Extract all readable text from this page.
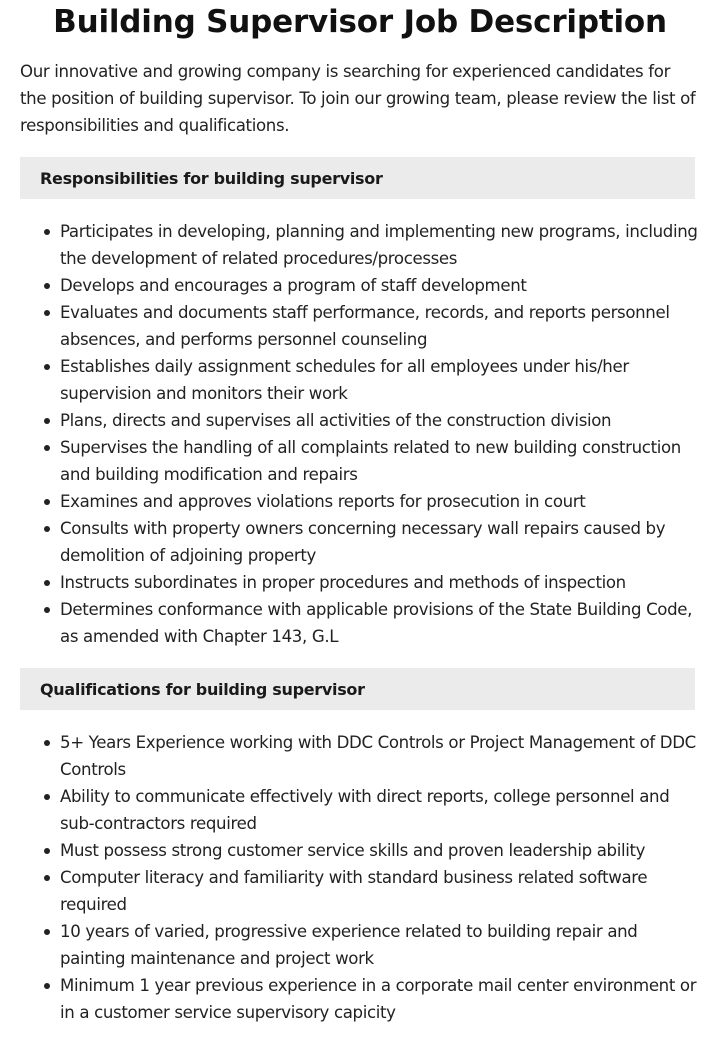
Building Supervisor Job Description

Our innovative and growing company is searching for experienced candidates for the position of building supervisor. To join our growing team, please review the list of responsibilities and qualifications.

Responsibilities for building supervisor
Participates in developing, planning and implementing new programs, including the development of related procedures/processes
Develops and encourages a program of staff development
Evaluates and documents staff performance, records, and reports personnel absences, and performs personnel counseling
Establishes daily assignment schedules for all employees under his/her supervision and monitors their work
Plans, directs and supervises all activities of the construction division
Supervises the handling of all complaints related to new building construction and building modification and repairs
Examines and approves violations reports for prosecution in court
Consults with property owners concerning necessary wall repairs caused by demolition of adjoining property
Instructs subordinates in proper procedures and methods of inspection
Determines conformance with applicable provisions of the State Building Code, as amended with Chapter 143, G.L
Qualifications for building supervisor
5+ Years Experience working with DDC Controls or Project Management of DDC Controls
Ability to communicate effectively with direct reports, college personnel and sub-contractors required
Must possess strong customer service skills and proven leadership ability
Computer literacy and familiarity with standard business related software required
10 years of varied, progressive experience related to building repair and painting maintenance and project work
Minimum 1 year previous experience in a corporate mail center environment or in a customer service supervisory capicity
